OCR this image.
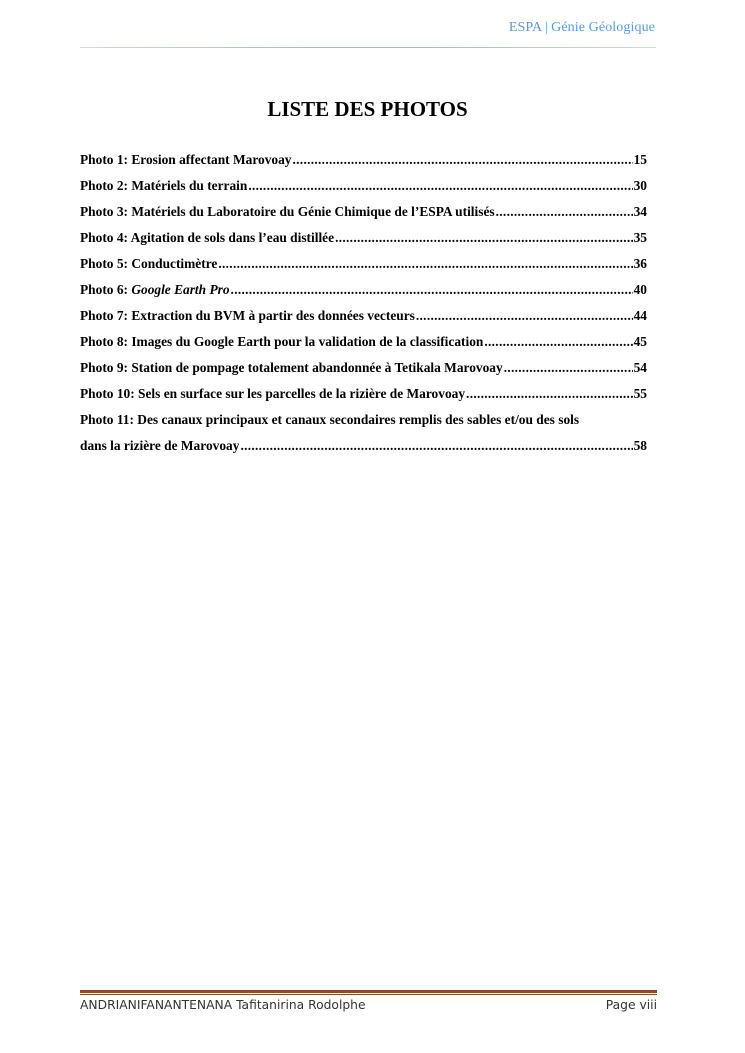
ESPA | Génie Géologique
LISTE DES PHOTOS
Photo 1: Erosion affectant Marovoay .....	15
Photo 2: Matériels du terrain .....	30
Photo 3: Matériels du Laboratoire du Génie Chimique de l’ESPA utilisés .....	34
Photo 4: Agitation de sols dans l’eau distillée .....	35
Photo 5: Conductimètre .....	36
Photo 6: Google Earth Pro .....	40
Photo 7: Extraction du BVM à partir des données vecteurs .....	44
Photo 8: Images du Google Earth pour la validation de la classification .....	45
Photo 9: Station de pompage totalement abandonnée à Tetikala Marovoay .....	54
Photo 10: Sels en surface sur les parcelles de la rizière de Marovoay .....	55
Photo 11: Des canaux principaux et canaux secondaires remplis des sables et/ou des sols
dans la rizière de Marovoay .....	58
ANDRIANIFANANTENANA Tafitanirina Rodolphe	Page viii
